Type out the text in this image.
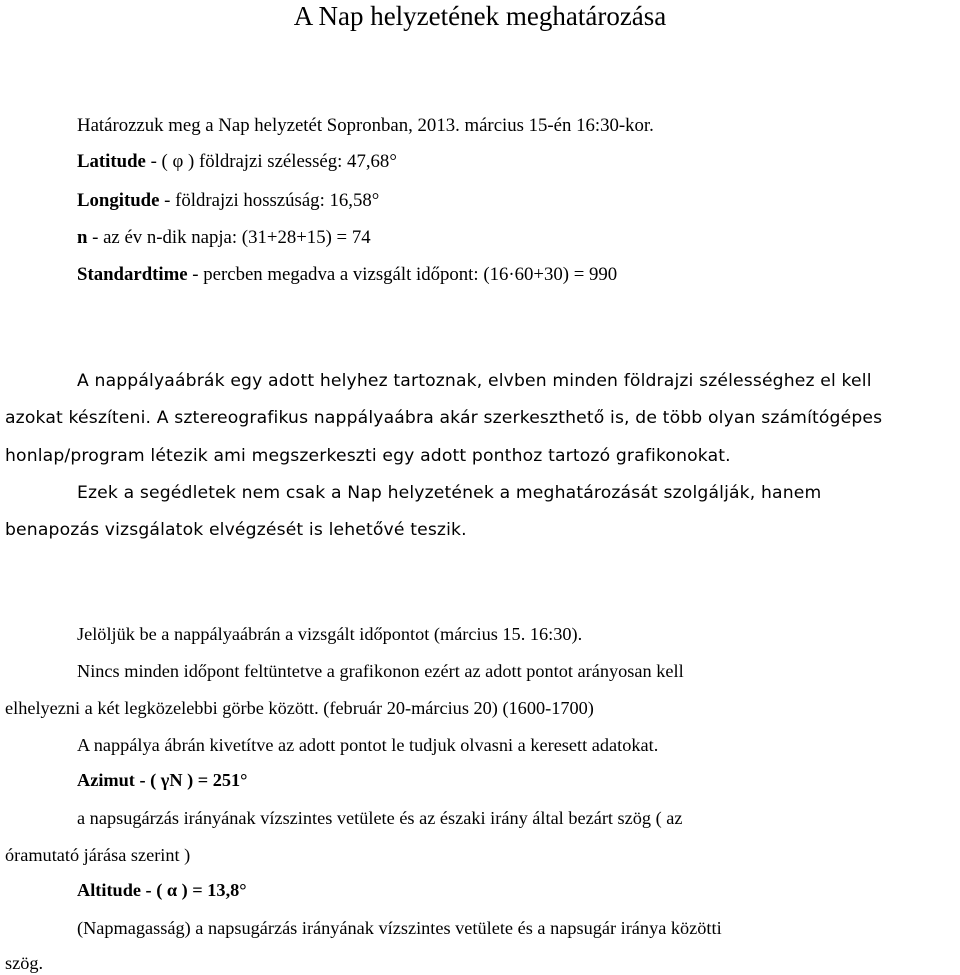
A Nap helyzetének meghatározása
Határozzuk meg a Nap helyzetét Sopronban, 2013. március 15-én 16:30-kor.
Latitude - ( φ ) földrajzi szélesség: 47,68°
Longitude - földrajzi hosszúság: 16,58°
n - az év n-dik napja: (31+28+15) = 74
Standardtime - percben megadva a vizsgált időpont: (16·60+30) = 990
A nappályaábrák egy adott helyhez tartoznak, elvben minden földrajzi szélességhez el kell
azokat készíteni. A sztereografikus nappályaábra akár szerkeszthető is, de több olyan számítógépes
honlap/program létezik ami megszerkeszti egy adott ponthoz tartozó grafikonokat.
Ezek a segédletek nem csak a Nap helyzetének a meghatározását szolgálják, hanem
benapozás vizsgálatok elvégzését is lehetővé teszik.
Jelöljük be a nappályaábrán a vizsgált időpontot (március 15. 16:30).
Nincs minden időpont feltüntetve a grafikonon ezért az adott pontot arányosan kell
elhelyezni a két legközelebbi görbe között. (február 20-március 20) (1600-1700)
A nappálya ábrán kivetítve az adott pontot le tudjuk olvasni a keresett adatokat.
Azimut - ( γN ) = 251°
a napsugárzás irányának vízszintes vetülete és az északi irány által bezárt szög ( az
óramutató járása szerint )
Altitude - ( α ) = 13,8°
(Napmagasság) a napsugárzás irányának vízszintes vetülete és a napsugár iránya közötti
szög.
